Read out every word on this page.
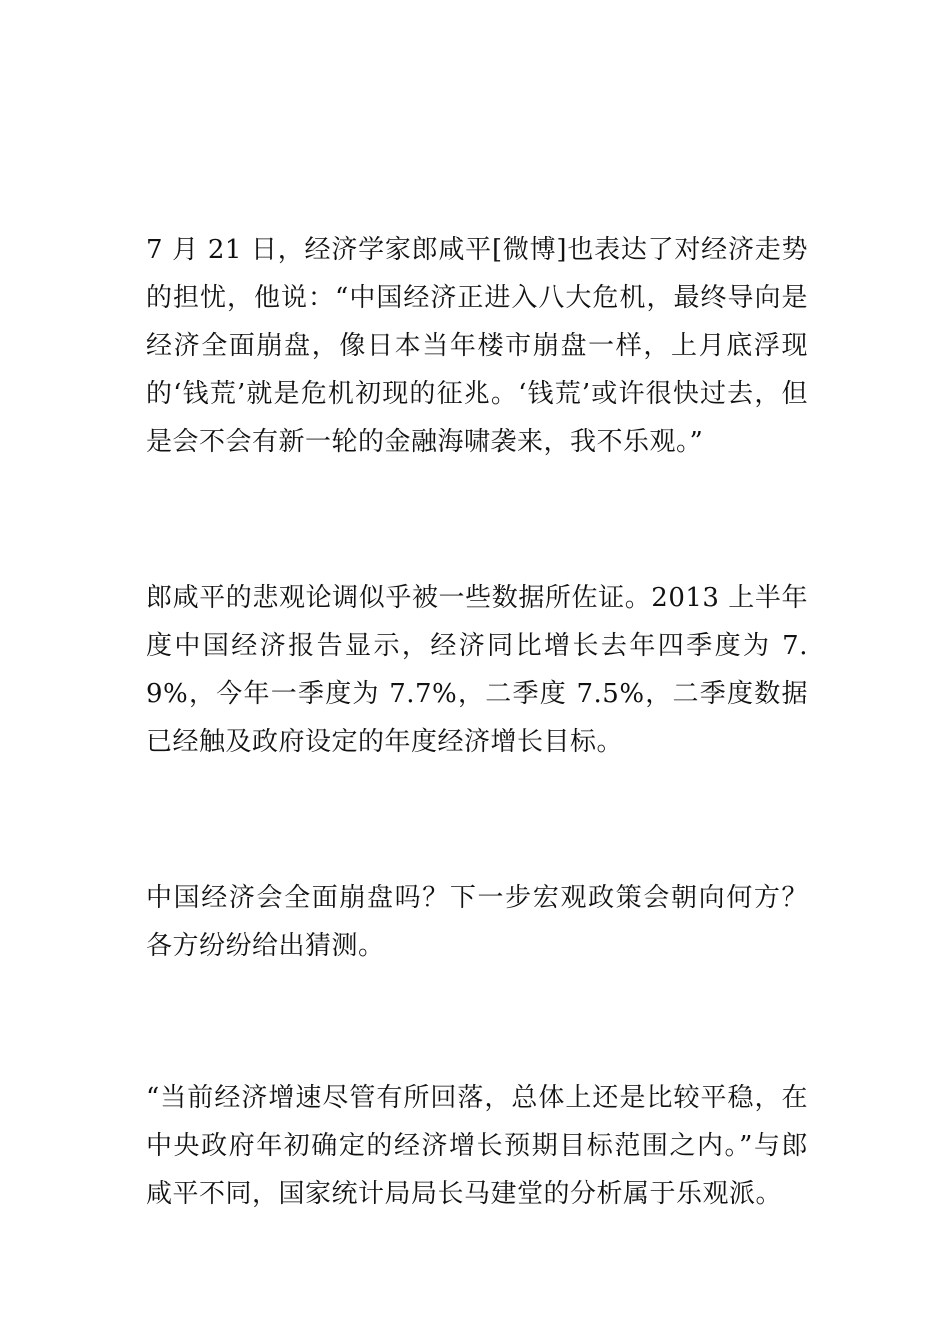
7 月 21 日，经济学家郎咸平[微博]也表达了对经济走势的担忧，他说：“中国经济正进入八大危机，最终导向是经济全面崩盘，像日本当年楼市崩盘一样，上月底浮现的‘钱荒’就是危机初现的征兆。‘钱荒’或许很快过去，但是会不会有新一轮的金融海啸袭来，我不乐观。”

郎咸平的悲观论调似乎被一些数据所佐证。2013 上半年度中国经济报告显示，经济同比增长去年四季度为 7.9%，今年一季度为 7.7%，二季度 7.5%，二季度数据已经触及政府设定的年度经济增长目标。

中国经济会全面崩盘吗？下一步宏观政策会朝向何方？各方纷纷给出猜测。

“当前经济增速尽管有所回落，总体上还是比较平稳，在中央政府年初确定的经济增长预期目标范围之内。”与郎咸平不同，国家统计局局长马建堂的分析属于乐观派。
